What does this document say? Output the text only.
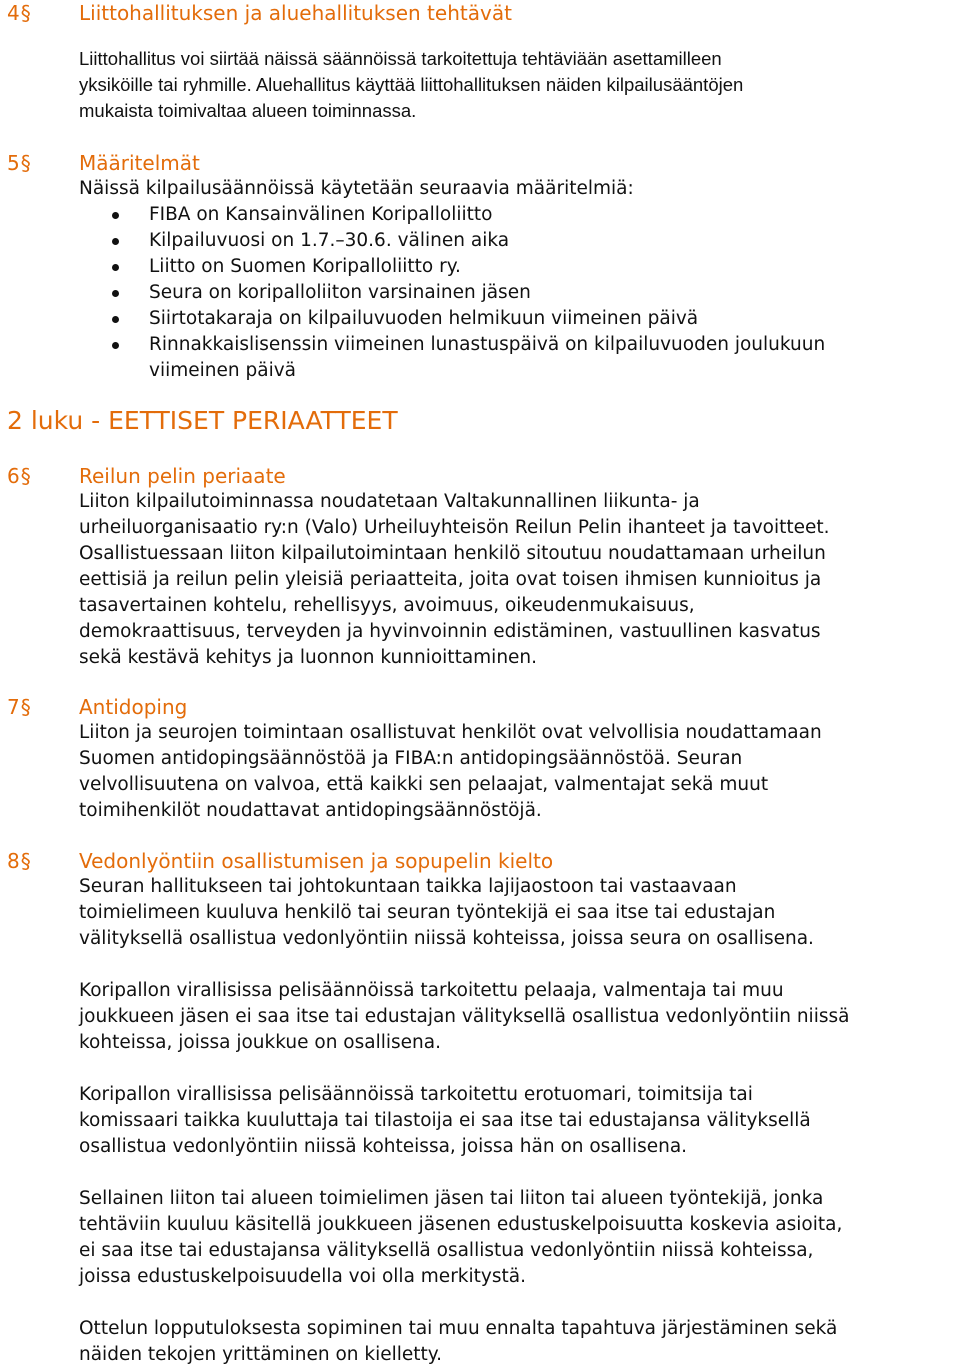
4§ Liittohallituksen ja aluehallituksen tehtävät

Liittohallitus voi siirtää näissä säännöissä tarkoitettuja tehtäviään asettamilleen

yksiköille tai ryhmille. Aluehallitus käyttää liittohallituksen näiden kilpailusääntöjen

mukaista toimivaltaa alueen toiminnassa.

5§ Määritelmät

Näissä kilpailusäännöissä käytetään seuraavia määritelmiä:

FIBA on Kansainvälinen Koripalloliitto
Kilpailuvuosi on 1.7.–30.6. välinen aika
Liitto on Suomen Koripalloliitto ry.
Seura on koripalloliiton varsinainen jäsen
Siirtotakaraja on kilpailuvuoden helmikuun viimeinen päivä
Rinnakkaislisenssin viimeinen lunastuspäivä on kilpailuvuoden joulukuun
viimeinen päivä
2 luku - EETTISET PERIAATTEET
6§ Reilun pelin periaate

Liiton kilpailutoiminnassa noudatetaan Valtakunnallinen liikunta- ja

urheiluorganisaatio ry:n (Valo) Urheiluyhteisön Reilun Pelin ihanteet ja tavoitteet.

Osallistuessaan liiton kilpailutoimintaan henkilö sitoutuu noudattamaan urheilun

eettisiä ja reilun pelin yleisiä periaatteita, joita ovat toisen ihmisen kunnioitus ja

tasavertainen kohtelu, rehellisyys, avoimuus, oikeudenmukaisuus,

demokraattisuus, terveyden ja hyvinvoinnin edistäminen, vastuullinen kasvatus

sekä kestävä kehitys ja luonnon kunnioittaminen.

7§ Antidoping

Liiton ja seurojen toimintaan osallistuvat henkilöt ovat velvollisia noudattamaan

Suomen antidopingsäännöstöä ja FIBA:n antidopingsäännöstöä. Seuran

velvollisuutena on valvoa, että kaikki sen pelaajat, valmentajat sekä muut

toimihenkilöt noudattavat antidopingsäännöstöjä.

8§ Vedonlyöntiin osallistumisen ja sopupelin kielto

Seuran hallitukseen tai johtokuntaan taikka lajijaostoon tai vastaavaan

toimielimeen kuuluva henkilö tai seuran työntekijä ei saa itse tai edustajan

välityksellä osallistua vedonlyöntiin niissä kohteissa, joissa seura on osallisena.

Koripallon virallisissa pelisäännöissä tarkoitettu pelaaja, valmentaja tai muu

joukkueen jäsen ei saa itse tai edustajan välityksellä osallistua vedonlyöntiin niissä

kohteissa, joissa joukkue on osallisena.

Koripallon virallisissa pelisäännöissä tarkoitettu erotuomari, toimitsija tai

komissaari taikka kuuluttaja tai tilastoija ei saa itse tai edustajansa välityksellä

osallistua vedonlyöntiin niissä kohteissa, joissa hän on osallisena.

Sellainen liiton tai alueen toimielimen jäsen tai liiton tai alueen työntekijä, jonka

tehtäviin kuuluu käsitellä joukkueen jäsenen edustuskelpoisuutta koskevia asioita,

ei saa itse tai edustajansa välityksellä osallistua vedonlyöntiin niissä kohteissa,

joissa edustuskelpoisuudella voi olla merkitystä.

Ottelun lopputuloksesta sopiminen tai muu ennalta tapahtuva järjestäminen sekä

näiden tekojen yrittäminen on kielletty.
